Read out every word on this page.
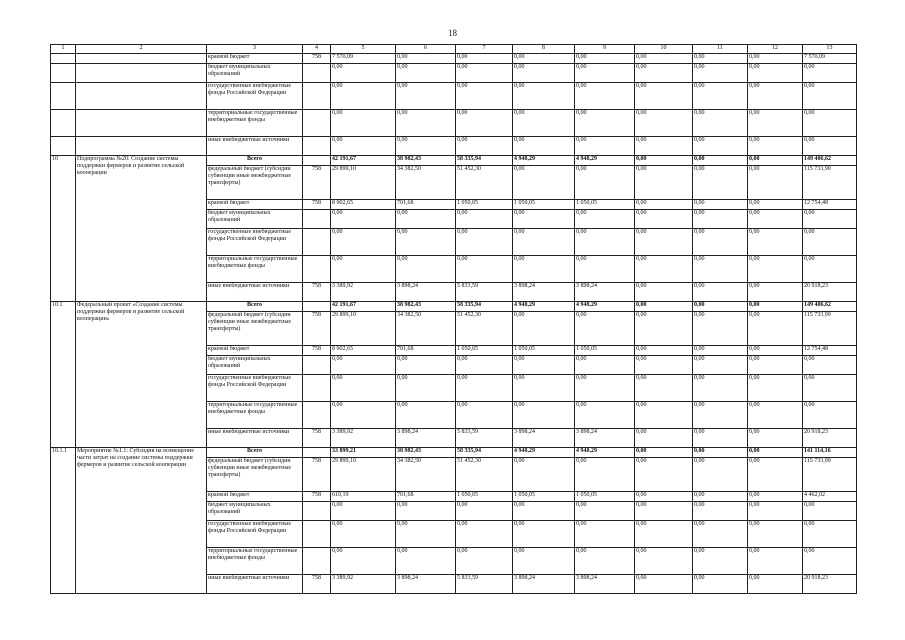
18
1	2	3	4	5	6	7	8	9	10	11	12	13
		краевой бюджет	758	7 570,09	0,00	0,00	0,00	0,00	0,00	0,00	0,00	7 570,09
		бюджет муниципальных образований		0,00	0,00	0,00	0,00	0,00	0,00	0,00	0,00	0,00
		государственные внебюджетные фонды Российской Федерации		0,00	0,00	0,00	0,00	0,00	0,00	0,00	0,00	0,00
		территориальные государственные внебюджетные фонды		0,00	0,00	0,00	0,00	0,00	0,00	0,00	0,00	0,00
		иные внебюджетные источники		0,00	0,00	0,00	0,00	0,00	0,00	0,00	0,00	0,00
10	Подпрограмма №20: Создание системы поддержки фермеров и развитие сельской кооперации	Всего		42 191,67	38 982,43	58 335,94	4 948,29	4 948,29	0,00	0,00	0,00	149 406,62
		федеральный бюджет (субсидии субвенции иные межбюджетные трансферты)	758	29 899,10	34 382,50	51 452,30	0,00	0,00	0,00	0,00	0,00	115 733,90
		краевой бюджет	758	8 902,65	701,68	1 050,05	1 050,05	1 050,05	0,00	0,00	0,00	12 754,48
		бюджет муниципальных образований		0,00	0,00	0,00	0,00	0,00	0,00	0,00	0,00	0,00
		государственные внебюджетные фонды Российской Федерации		0,00	0,00	0,00	0,00	0,00	0,00	0,00	0,00	0,00
		территориальные государственные внебюджетные фонды		0,00	0,00	0,00	0,00	0,00	0,00	0,00	0,00	0,00
		иные внебюджетные источники	758	3 389,92	3 898,24	5 833,59	3 898,24	3 898,24	0,00	0,00	0,00	20 918,23
10.1	Федеральный проект «Создание системы поддержки фермеров и развитие сельской кооперации»	Всего		42 191,67	38 982,43	58 335,94	4 948,29	4 948,29	0,00	0,00	0,00	149 406,62
		федеральный бюджет (субсидии субвенции иные межбюджетные трансферты)	758	29 899,10	34 382,50	51 452,30	0,00	0,00	0,00	0,00	0,00	115 733,90
		краевой бюджет	758	8 902,65	701,68	1 050,05	1 050,05	1 050,05	0,00	0,00	0,00	12 754,48
		бюджет муниципальных образований		0,00	0,00	0,00	0,00	0,00	0,00	0,00	0,00	0,00
		государственные внебюджетные фонды Российской Федерации		0,00	0,00	0,00	0,00	0,00	0,00	0,00	0,00	0,00
		территориальные государственные внебюджетные фонды		0,00	0,00	0,00	0,00	0,00	0,00	0,00	0,00	0,00
		иные внебюджетные источники	758	3 389,92	3 898,24	5 833,59	3 898,24	3 898,24	0,00	0,00	0,00	20 918,23
10.1.1	Мероприятие №1.1: Субсидия на возмещение части затрат на создание системы поддержки фермеров и развитие сельской кооперации	Всего		33 899,21	38 982,43	58 335,94	4 948,29	4 948,29	0,00	0,00	0,00	141 114,16
		федеральный бюджет (субсидии субвенции иные межбюджетные трансферты)	758	29 899,10	34 382,50	51 452,30	0,00	0,00	0,00	0,00	0,00	115 733,90
		краевой бюджет	758	610,19	701,68	1 050,05	1 050,05	1 050,05	0,00	0,00	0,00	4 462,02
		бюджет муниципальных образований		0,00	0,00	0,00	0,00	0,00	0,00	0,00	0,00	0,00
		государственные внебюджетные фонды Российской Федерации		0,00	0,00	0,00	0,00	0,00	0,00	0,00	0,00	0,00
		территориальные государственные внебюджетные фонды		0,00	0,00	0,00	0,00	0,00	0,00	0,00	0,00	0,00
		иные внебюджетные источники	758	3 389,92	3 898,24	5 833,59	3 898,24	3 898,24	0,00	0,00	0,00	20 918,23
